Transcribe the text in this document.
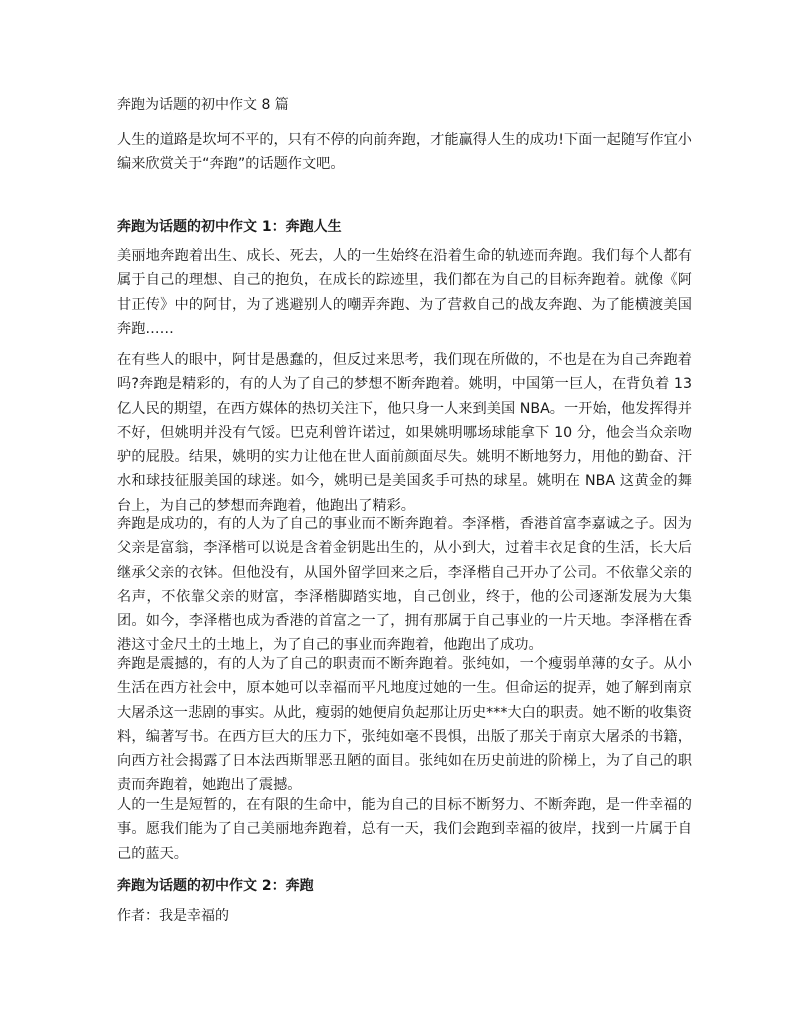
奔跑为话题的初中作文 8 篇

人生的道路是坎坷不平的，只有不停的向前奔跑，才能赢得人生的成功!下面一起随写作宜小编来欣赏关于“奔跑”的话题作文吧。

奔跑为话题的初中作文 1：奔跑人生

美丽地奔跑着出生、成长、死去，人的一生始终在沿着生命的轨迹而奔跑。我们每个人都有属于自己的理想、自己的抱负，在成长的踪迹里，我们都在为自己的目标奔跑着。就像《阿甘正传》中的阿甘，为了逃避别人的嘲弄奔跑、为了营救自己的战友奔跑、为了能横渡美国奔跑……

在有些人的眼中，阿甘是愚蠢的，但反过来思考，我们现在所做的，不也是在为自己奔跑着吗?奔跑是精彩的，有的人为了自己的梦想不断奔跑着。姚明，中国第一巨人，在背负着 13 亿人民的期望，在西方媒体的热切关注下，他只身一人来到美国 NBA。一开始，他发挥得并不好，但姚明并没有气馁。巴克利曾许诺过，如果姚明哪场球能拿下 10 分，他会当众亲吻驴的屁股。结果，姚明的实力让他在世人面前颜面尽失。姚明不断地努力，用他的勤奋、汗水和球技征服美国的球迷。如今，姚明已是美国炙手可热的球星。姚明在 NBA 这黄金的舞台上，为自己的梦想而奔跑着，他跑出了精彩。

奔跑是成功的，有的人为了自己的事业而不断奔跑着。李泽楷，香港首富李嘉诚之子。因为父亲是富翁，李泽楷可以说是含着金钥匙出生的，从小到大，过着丰衣足食的生活，长大后继承父亲的衣钵。但他没有，从国外留学回来之后，李泽楷自己开办了公司。不依靠父亲的名声，不依靠父亲的财富，李泽楷脚踏实地，自己创业，终于，他的公司逐渐发展为大集团。如今，李泽楷也成为香港的首富之一了，拥有那属于自己事业的一片天地。李泽楷在香港这寸金尺土的土地上，为了自己的事业而奔跑着，他跑出了成功。

奔跑是震撼的，有的人为了自己的职责而不断奔跑着。张纯如，一个瘦弱单薄的女子。从小生活在西方社会中，原本她可以幸福而平凡地度过她的一生。但命运的捉弄，她了解到南京大屠杀这一悲剧的事实。从此，瘦弱的她便肩负起那让历史***大白的职责。她不断的收集资料，编著写书。在西方巨大的压力下，张纯如毫不畏惧，出版了那关于南京大屠杀的书籍，向西方社会揭露了日本法西斯罪恶丑陋的面目。张纯如在历史前进的阶梯上，为了自己的职责而奔跑着，她跑出了震撼。

人的一生是短暂的，在有限的生命中，能为自己的目标不断努力、不断奔跑，是一件幸福的事。愿我们能为了自己美丽地奔跑着，总有一天，我们会跑到幸福的彼岸，找到一片属于自己的蓝天。

奔跑为话题的初中作文 2：奔跑

作者：我是幸福的
